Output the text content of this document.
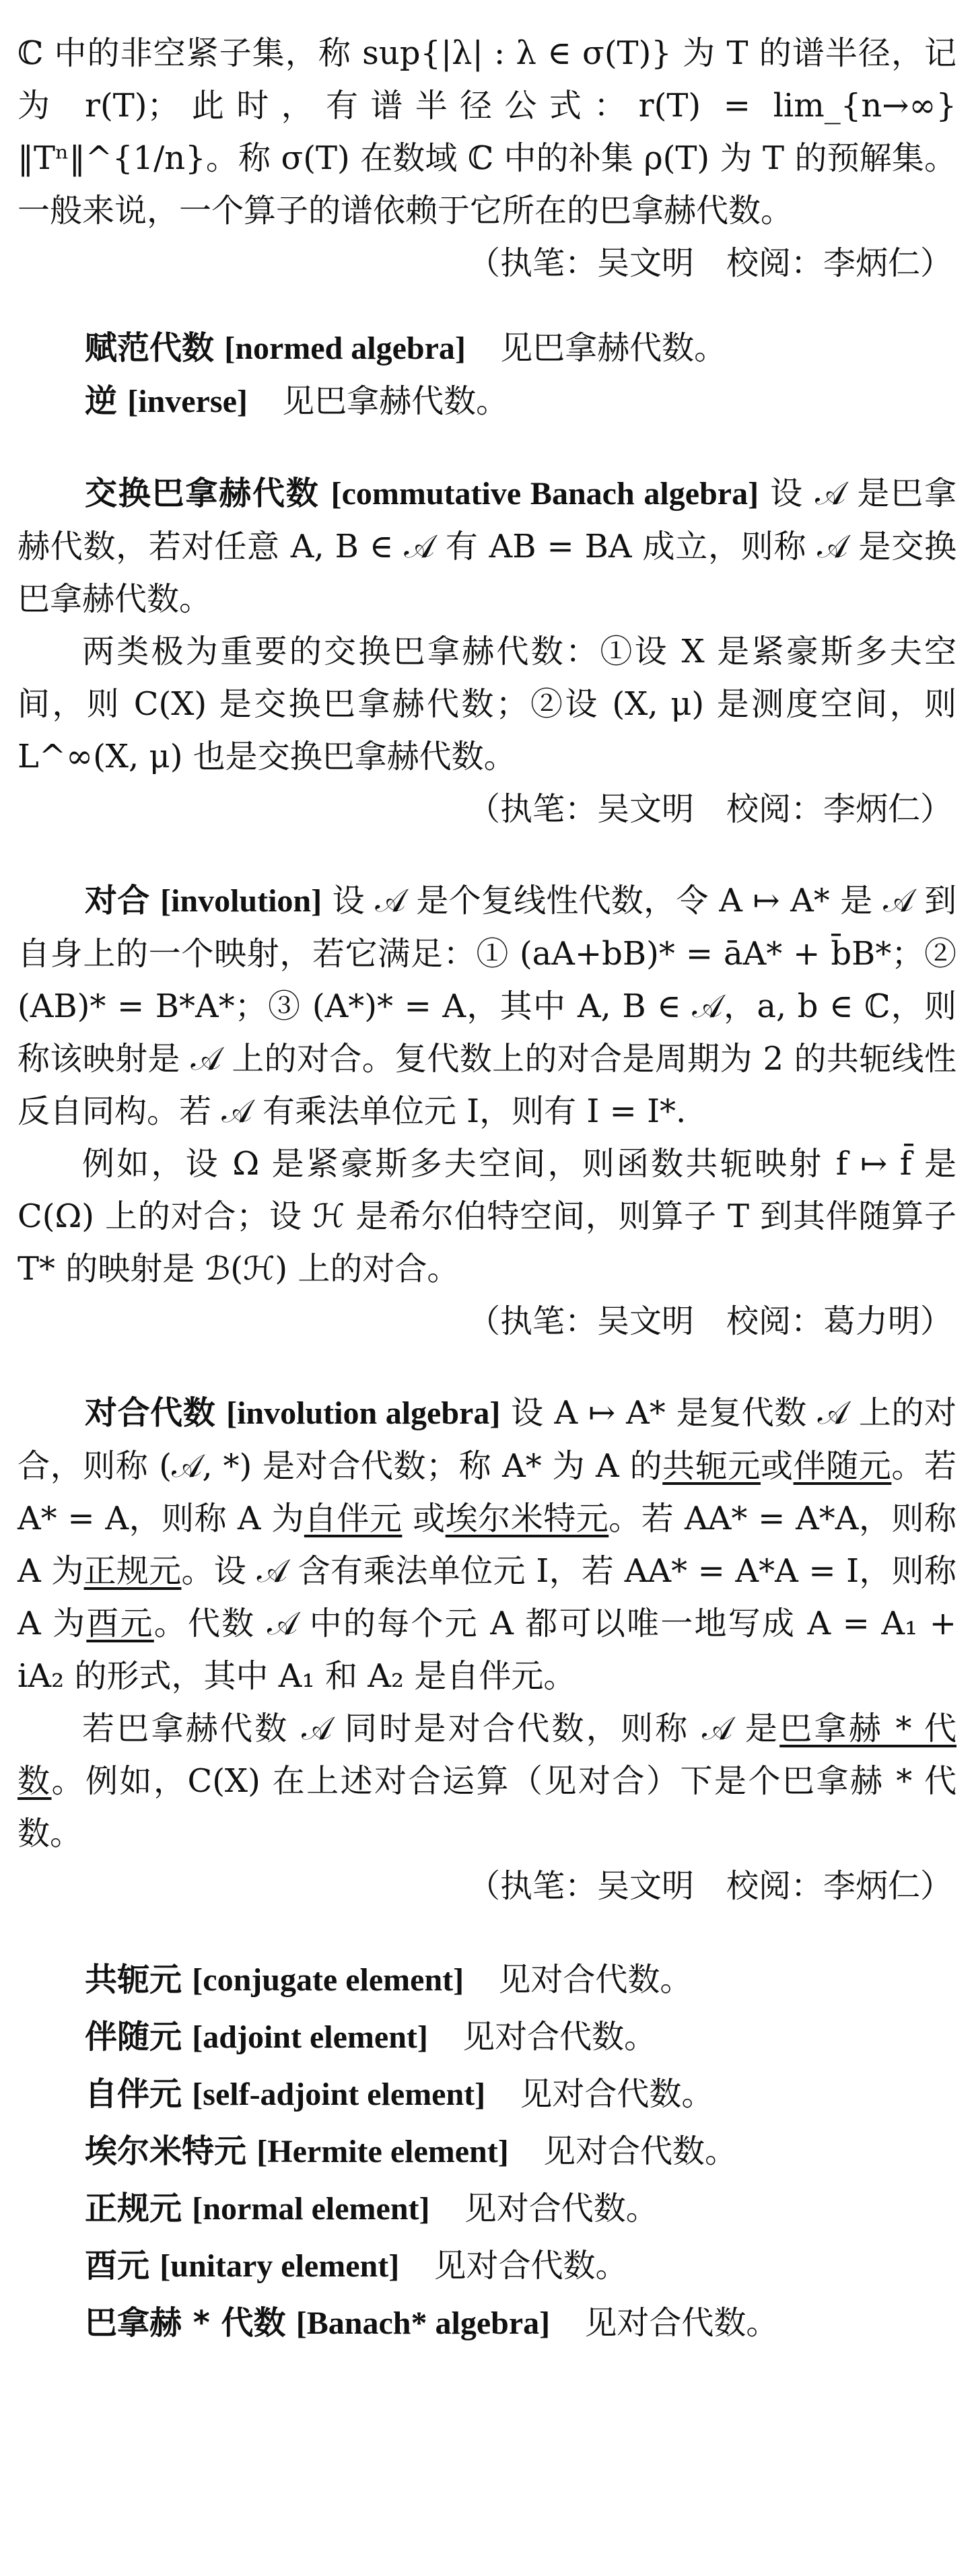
ℂ 中的非空紧子集，称 sup{|λ| : λ ∈ σ(T)} 为 T 的谱半径，记为 r(T)；此时，有谱半径公式：r(T) = lim_{n→∞} ‖Tⁿ‖^{1/n}。称 σ(T) 在数域 ℂ 中的补集 ρ(T) 为 T 的预解集。一般来说，一个算子的谱依赖于它所在的巴拿赫代数。

（执笔：吴文明　校阅：李炳仁）

赋范代数 [normed algebra] 见巴拿赫代数。

逆 [inverse] 见巴拿赫代数。

交换巴拿赫代数 [commutative Banach algebra] 设 𝒜 是巴拿赫代数，若对任意 A, B ∈ 𝒜 有 AB = BA 成立，则称 𝒜 是交换巴拿赫代数。

两类极为重要的交换巴拿赫代数：①设 X 是紧豪斯多夫空间，则 C(X) 是交换巴拿赫代数；②设 (X, μ) 是测度空间，则 L^∞(X, μ) 也是交换巴拿赫代数。

（执笔：吴文明　校阅：李炳仁）

对合 [involution] 设 𝒜 是个复线性代数，令 A ↦ A* 是 𝒜 到自身上的一个映射，若它满足：① (aA+bB)* = āA* + b̄B*；② (AB)* = B*A*；③ (A*)* = A，其中 A, B ∈ 𝒜，a, b ∈ ℂ，则称该映射是 𝒜 上的对合。复代数上的对合是周期为 2 的共轭线性反自同构。若 𝒜 有乘法单位元 I，则有 I = I*.

例如，设 Ω 是紧豪斯多夫空间，则函数共轭映射 f ↦ f̄ 是 C(Ω) 上的对合；设 ℋ 是希尔伯特空间，则算子 T 到其伴随算子 T* 的映射是 ℬ(ℋ) 上的对合。

（执笔：吴文明　校阅：葛力明）

对合代数 [involution algebra] 设 A ↦ A* 是复代数 𝒜 上的对合，则称 (𝒜, *) 是对合代数；称 A* 为 A 的共轭元或伴随元。若 A* = A，则称 A 为自伴元 或埃尔米特元。若 AA* = A*A，则称 A 为正规元。设 𝒜 含有乘法单位元 I，若 AA* = A*A = I，则称 A 为酉元。代数 𝒜 中的每个元 A 都可以唯一地写成 A = A₁ + iA₂ 的形式，其中 A₁ 和 A₂ 是自伴元。

若巴拿赫代数 𝒜 同时是对合代数，则称 𝒜 是巴拿赫 * 代数。例如，C(X) 在上述对合运算（见对合）下是个巴拿赫 * 代数。

（执笔：吴文明　校阅：李炳仁）

共轭元 [conjugate element] 见对合代数。

伴随元 [adjoint element] 见对合代数。

自伴元 [self-adjoint element] 见对合代数。

埃尔米特元 [Hermite element] 见对合代数。

正规元 [normal element] 见对合代数。

酉元 [unitary element] 见对合代数。

巴拿赫 * 代数 [Banach* algebra] 见对合代数。
